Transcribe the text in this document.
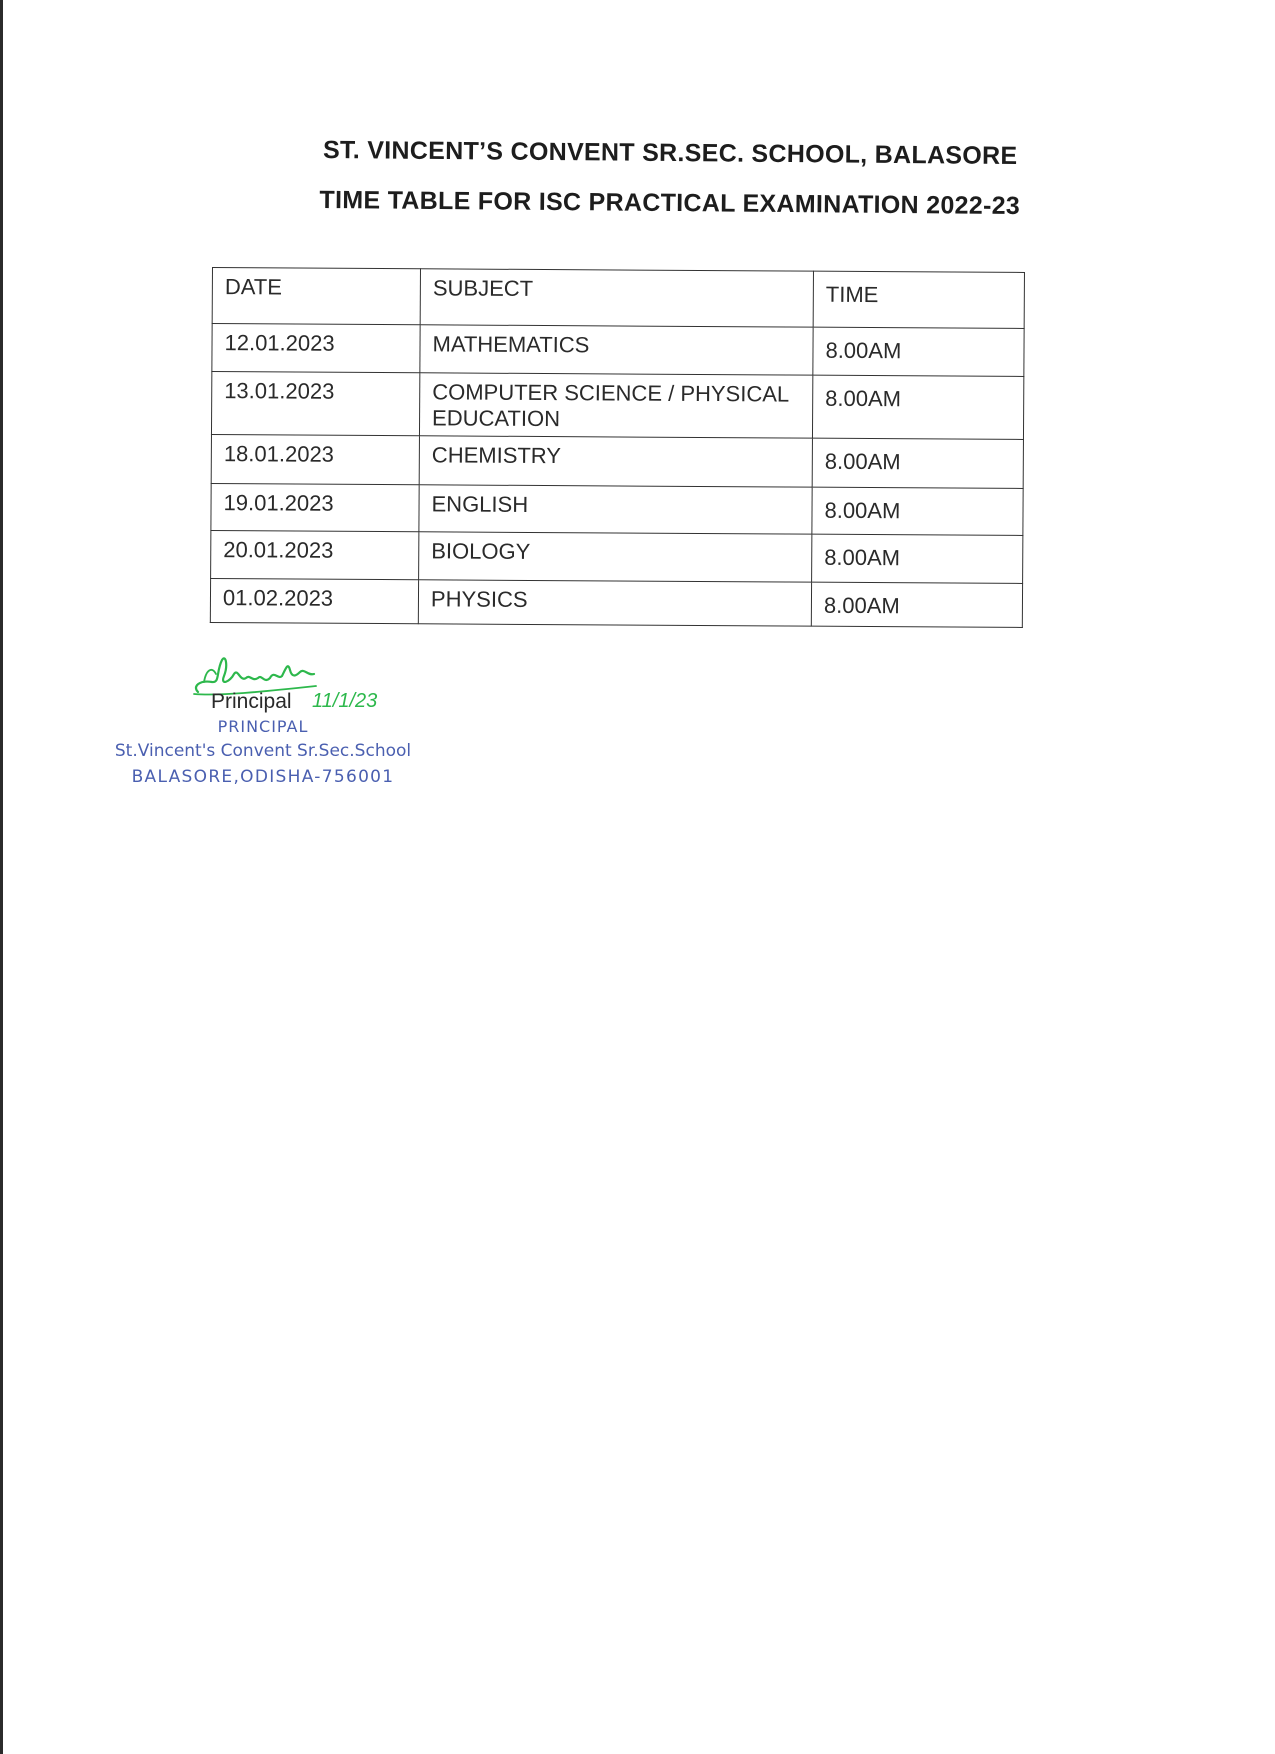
ST. VINCENT’S CONVENT SR.SEC. SCHOOL, BALASORE
TIME TABLE FOR ISC PRACTICAL EXAMINATION 2022-23
DATE	SUBJECT	TIME
12.01.2023	MATHEMATICS	8.00AM
13.01.2023	COMPUTER SCIENCE / PHYSICAL EDUCATION	8.00AM
18.01.2023	CHEMISTRY	8.00AM
19.01.2023	ENGLISH	8.00AM
20.01.2023	BIOLOGY	8.00AM
01.02.2023	PHYSICS	8.00AM
Principal 11/1/23
PRINCIPAL
St.Vincent's Convent Sr.Sec.School
BALASORE,ODISHA-756001
